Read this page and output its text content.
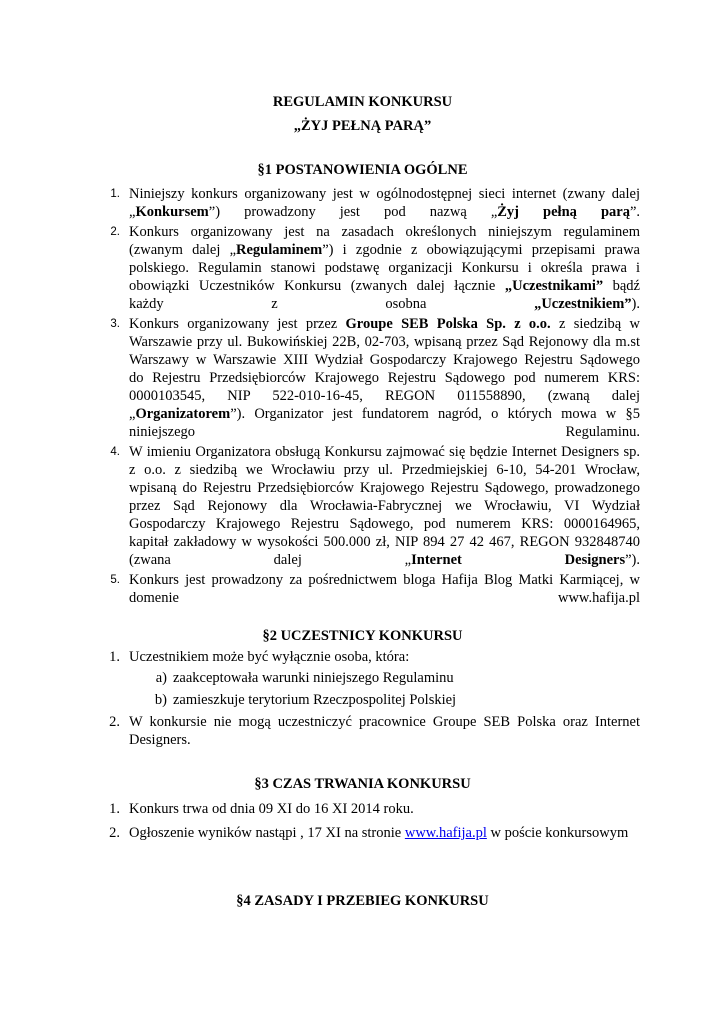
REGULAMIN KONKURSU
„ŻYJ PEŁNĄ PARĄ”
§1 POSTANOWIENIA OGÓLNE
1. Niniejszy konkurs organizowany jest w ogólnodostępnej sieci internet (zwany dalej
„Konkursem”) prowadzony jest pod nazwą „Żyj pełną parą”.
2. Konkurs organizowany jest na zasadach określonych niniejszym regulaminem
(zwanym dalej „Regulaminem”) i zgodnie z obowiązującymi przepisami prawa
polskiego. Regulamin stanowi podstawę organizacji Konkursu i określa prawa i
obowiązki Uczestników Konkursu (zwanych dalej łącznie „Uczestnikami” bądź
każdy z osobna „Uczestnikiem”).
3. Konkurs organizowany jest przez Groupe SEB Polska Sp. z o.o. z siedzibą w
Warszawie przy ul. Bukowińskiej 22B, 02-703, wpisaną przez Sąd Rejonowy dla m.st
Warszawy w Warszawie XIII Wydział Gospodarczy Krajowego Rejestru Sądowego
do Rejestru Przedsiębiorców Krajowego Rejestru Sądowego pod numerem KRS:
0000103545, NIP 522-010-16-45, REGON 011558890, (zwaną dalej
„Organizatorem”). Organizator jest fundatorem nagród, o których mowa w §5
niniejszego Regulaminu.
4. W imieniu Organizatora obsługą Konkursu zajmować się będzie Internet Designers sp.
z o.o. z siedzibą we Wrocławiu przy ul. Przedmiejskiej 6-10, 54-201 Wrocław,
wpisaną do Rejestru Przedsiębiorców Krajowego Rejestru Sądowego, prowadzonego
przez Sąd Rejonowy dla Wrocławia-Fabrycznej we Wrocławiu, VI Wydział
Gospodarczy Krajowego Rejestru Sądowego, pod numerem KRS: 0000164965,
kapitał zakładowy w wysokości 500.000 zł, NIP 894 27 42 467, REGON 932848740
(zwana dalej „Internet Designers”).
5. Konkurs jest prowadzony za pośrednictwem bloga Hafija Blog Matki Karmiącej, w
domenie www.hafija.pl
§2 UCZESTNICY KONKURSU
1. Uczestnikiem może być wyłącznie osoba, która:
a) zaakceptowała warunki niniejszego Regulaminu
b) zamieszkuje terytorium Rzeczpospolitej Polskiej
2. W konkursie nie mogą uczestniczyć pracownice Groupe SEB Polska oraz Internet
Designers.
§3 CZAS TRWANIA KONKURSU
1. Konkurs trwa od dnia 09 XI do 16 XI 2014 roku.
2. Ogłoszenie wyników nastąpi , 17 XI na stronie www.hafija.pl w poście konkursowym
§4 ZASADY I PRZEBIEG KONKURSU
